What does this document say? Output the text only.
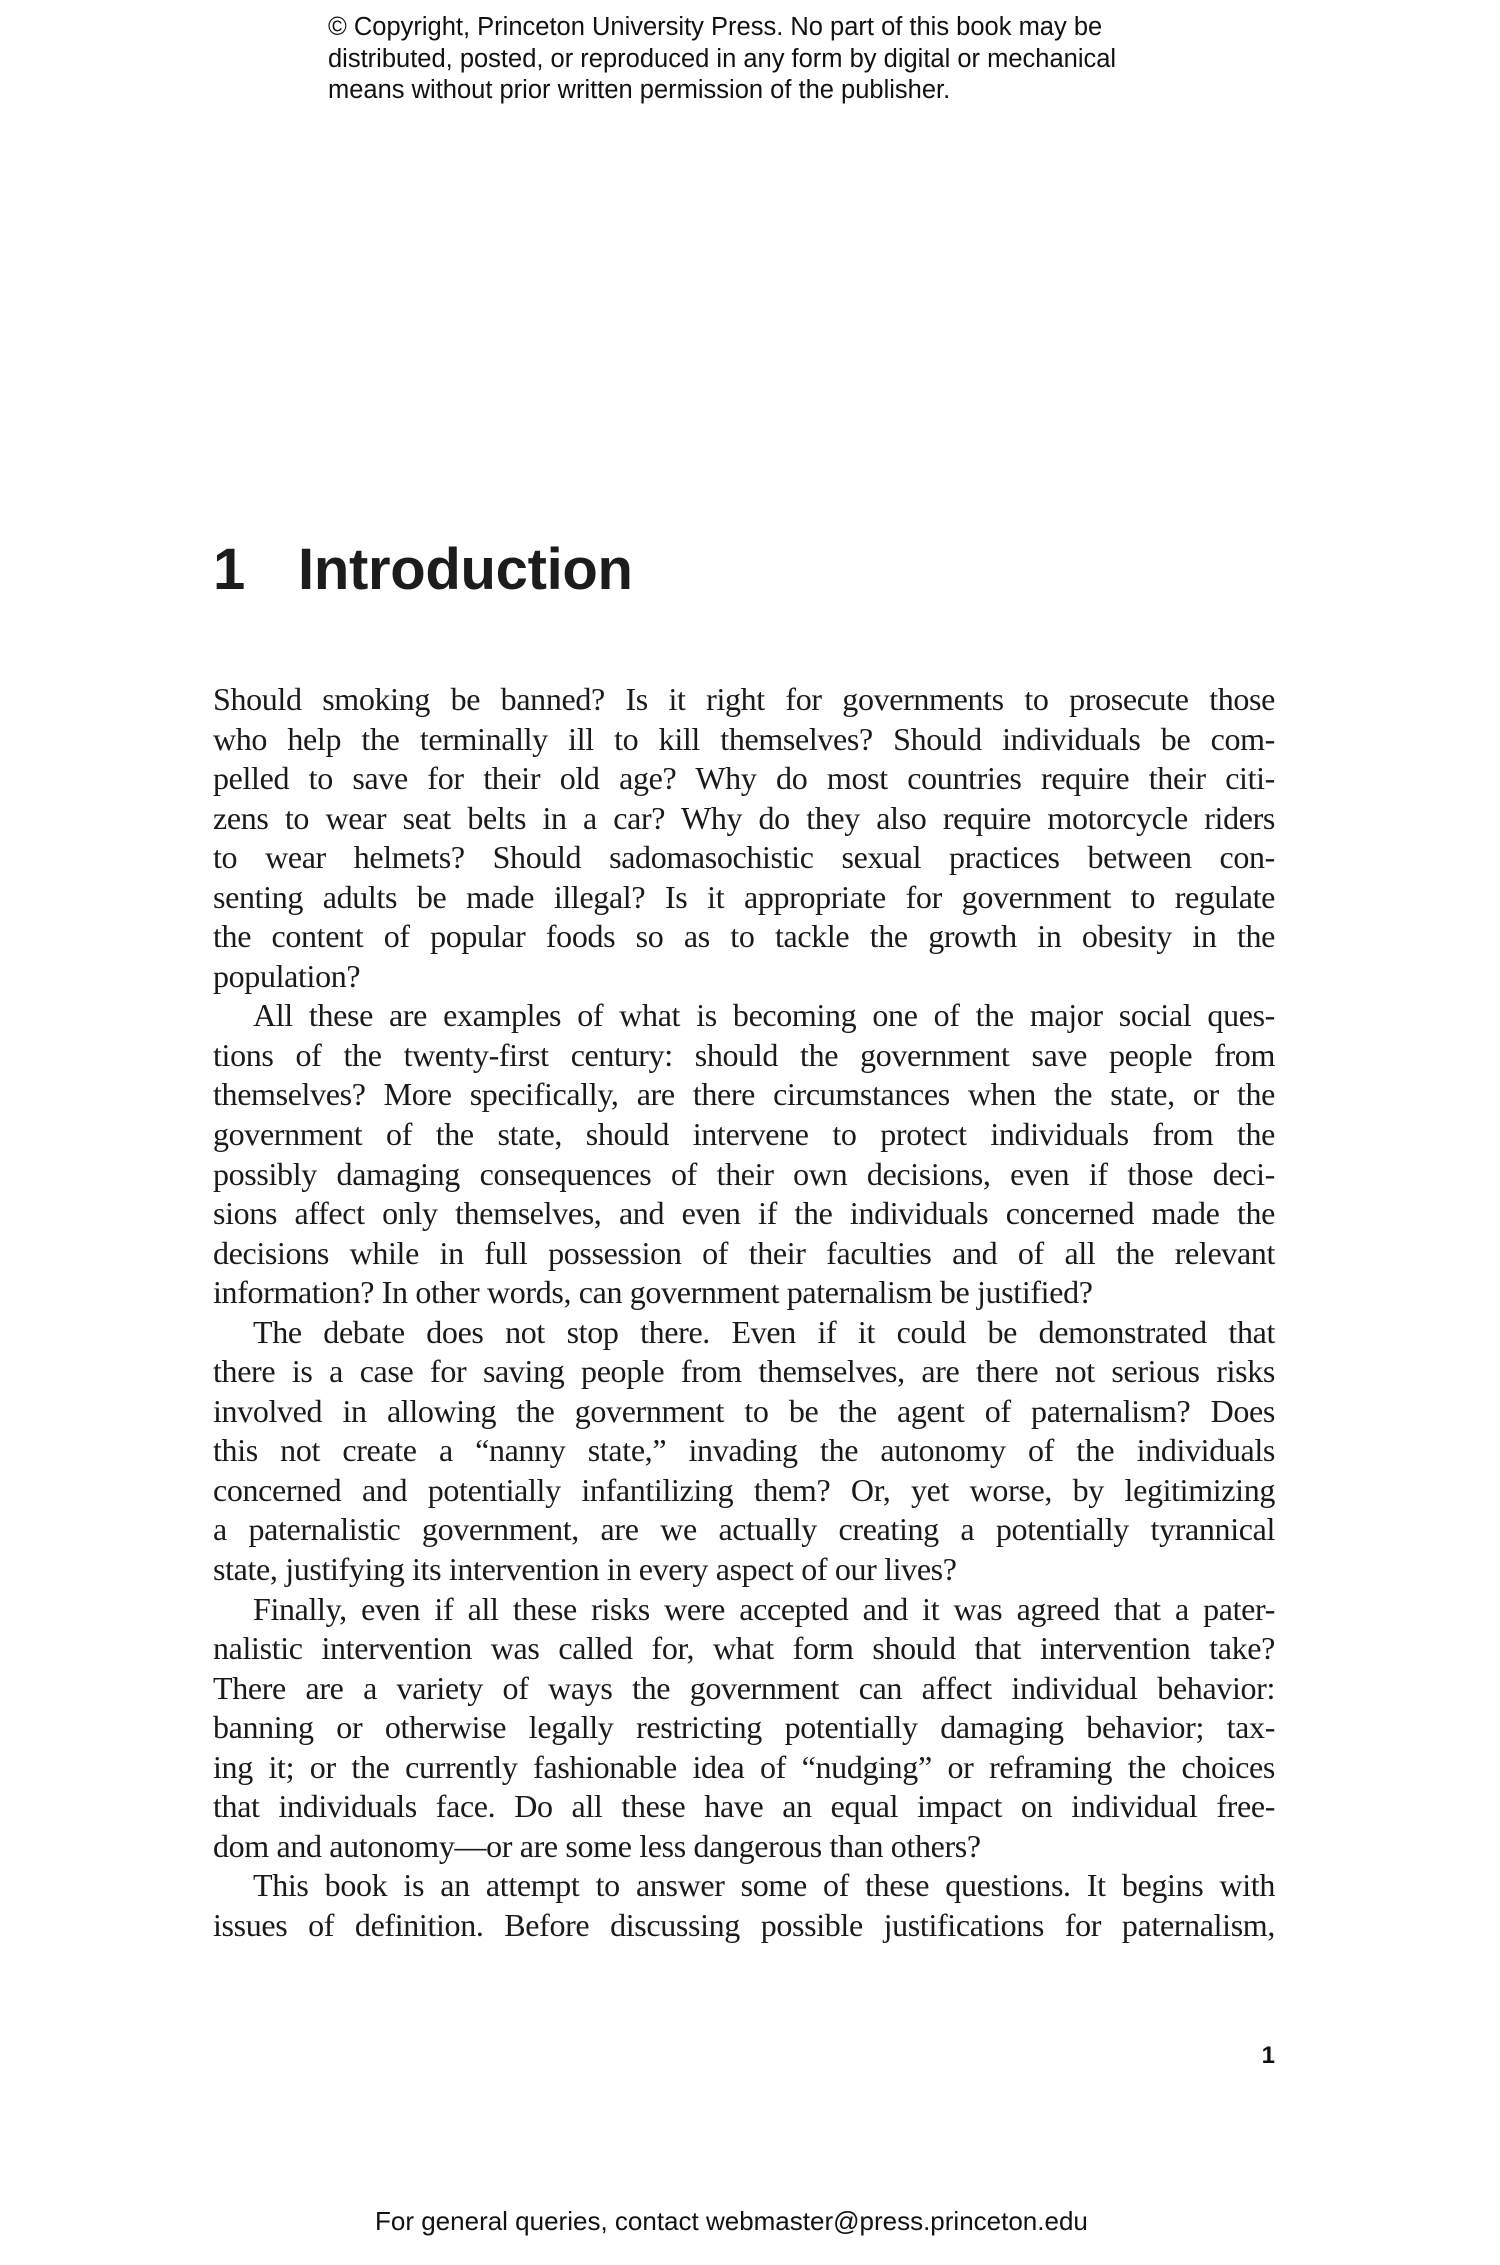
© Copyright, Princeton University Press. No part of this book may be
distributed, posted, or reproduced in any form by digital or mechanical
means without prior written permission of the publisher.
1 Introduction
Should smoking be banned? Is it right for governments to prosecute those
who help the terminally ill to kill themselves? Should individuals be com-
pelled to save for their old age? Why do most countries require their citi-
zens to wear seat belts in a car? Why do they also require motorcycle riders
to wear helmets? Should sadomasochistic sexual practices between con-
senting adults be made illegal? Is it appropriate for government to regulate
the content of popular foods so as to tackle the growth in obesity in the
population?
All these are examples of what is becoming one of the major social ques-
tions of the twenty-first century: should the government save people from
themselves? More specifically, are there circumstances when the state, or the
government of the state, should intervene to protect individuals from the
possibly damaging consequences of their own decisions, even if those deci-
sions affect only themselves, and even if the individuals concerned made the
decisions while in full possession of their faculties and of all the relevant
information? In other words, can government paternalism be justified?
The debate does not stop there. Even if it could be demonstrated that
there is a case for saving people from themselves, are there not serious risks
involved in allowing the government to be the agent of paternalism? Does
this not create a “nanny state,” invading the autonomy of the individuals
concerned and potentially infantilizing them? Or, yet worse, by legitimizing
a paternalistic government, are we actually creating a potentially tyrannical
state, justifying its intervention in every aspect of our lives?
Finally, even if all these risks were accepted and it was agreed that a pater-
nalistic intervention was called for, what form should that intervention take?
There are a variety of ways the government can affect individual behavior:
banning or otherwise legally restricting potentially damaging behavior; tax-
ing it; or the currently fashionable idea of “nudging” or reframing the choices
that individuals face. Do all these have an equal impact on individual free-
dom and autonomy—or are some less dangerous than others?
This book is an attempt to answer some of these questions. It begins with
issues of definition. Before discussing possible justifications for paternalism,
1
For general queries, contact webmaster@press.princeton.edu
